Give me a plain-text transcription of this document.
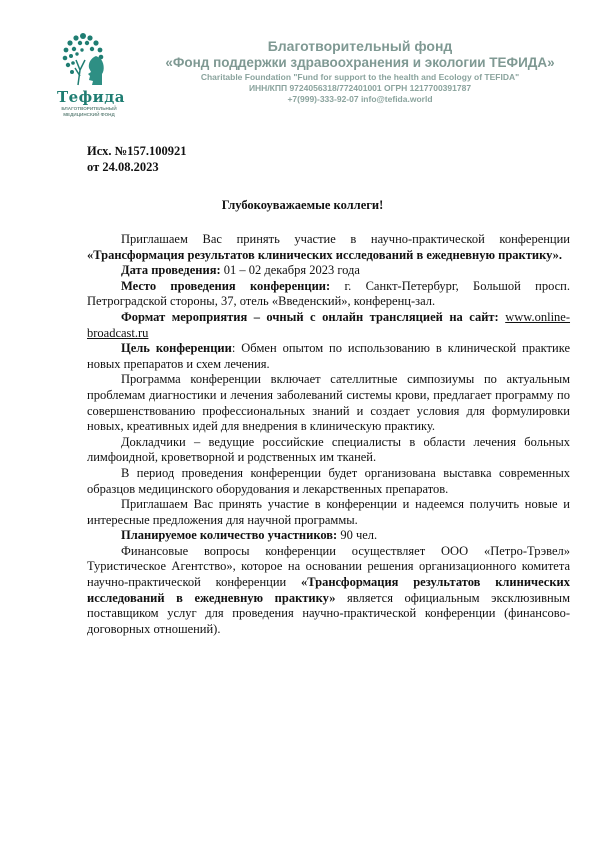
Тефида
БЛАГОТВОРИТЕЛЬНЫЙ МЕДИЦИНСКИЙ ФОНД
Благотворительный фонд
«Фонд поддержки здравоохранения и экологии ТЕФИДА»
Charitable Foundation "Fund for support to the health and Ecology of TEFIDA"
ИНН/КПП 9724056318/772401001 ОГРН 1217700391787
+7(999)-333-92-07 info@tefida.world
Исх. №157.100921
от 24.08.2023
Глубокоуважаемые коллеги!

Приглашаем Вас принять участие в научно-практической конференции «Трансформация результатов клинических исследований в ежедневную практику».

Дата проведения: 01 – 02 декабря 2023 года

Место проведения конференции: г. Санкт-Петербург, Большой просп. Петроградской стороны, 37, отель «Введенский», конференц-зал.

Формат мероприятия – очный с онлайн трансляцией на сайт: www.online-broadcast.ru

Цель конференции: Обмен опытом по использованию в клинической практике новых препаратов и схем лечения.

Программа конференции включает сателлитные симпозиумы по актуальным проблемам диагностики и лечения заболеваний системы крови, предлагает программу по совершенствованию профессиональных знаний и создает условия для формулировки новых, креативных идей для внедрения в клиническую практику.

Докладчики – ведущие российские специалисты в области лечения больных лимфоидной, кроветворной и родственных им тканей.

В период проведения конференции будет организована выставка современных образцов медицинского оборудования и лекарственных препаратов.

Приглашаем Вас принять участие в конференции и надеемся получить новые и интересные предложения для научной программы.

Планируемое количество участников: 90 чел.

Финансовые вопросы конференции осуществляет ООО «Петро-Трэвел» Туристическое Агентство», которое на основании решения организационного комитета научно-практической конференции «Трансформация результатов клинических исследований в ежедневную практику» является официальным эксклюзивным поставщиком услуг для проведения научно-практической конференции (финансово-договорных отношений).
